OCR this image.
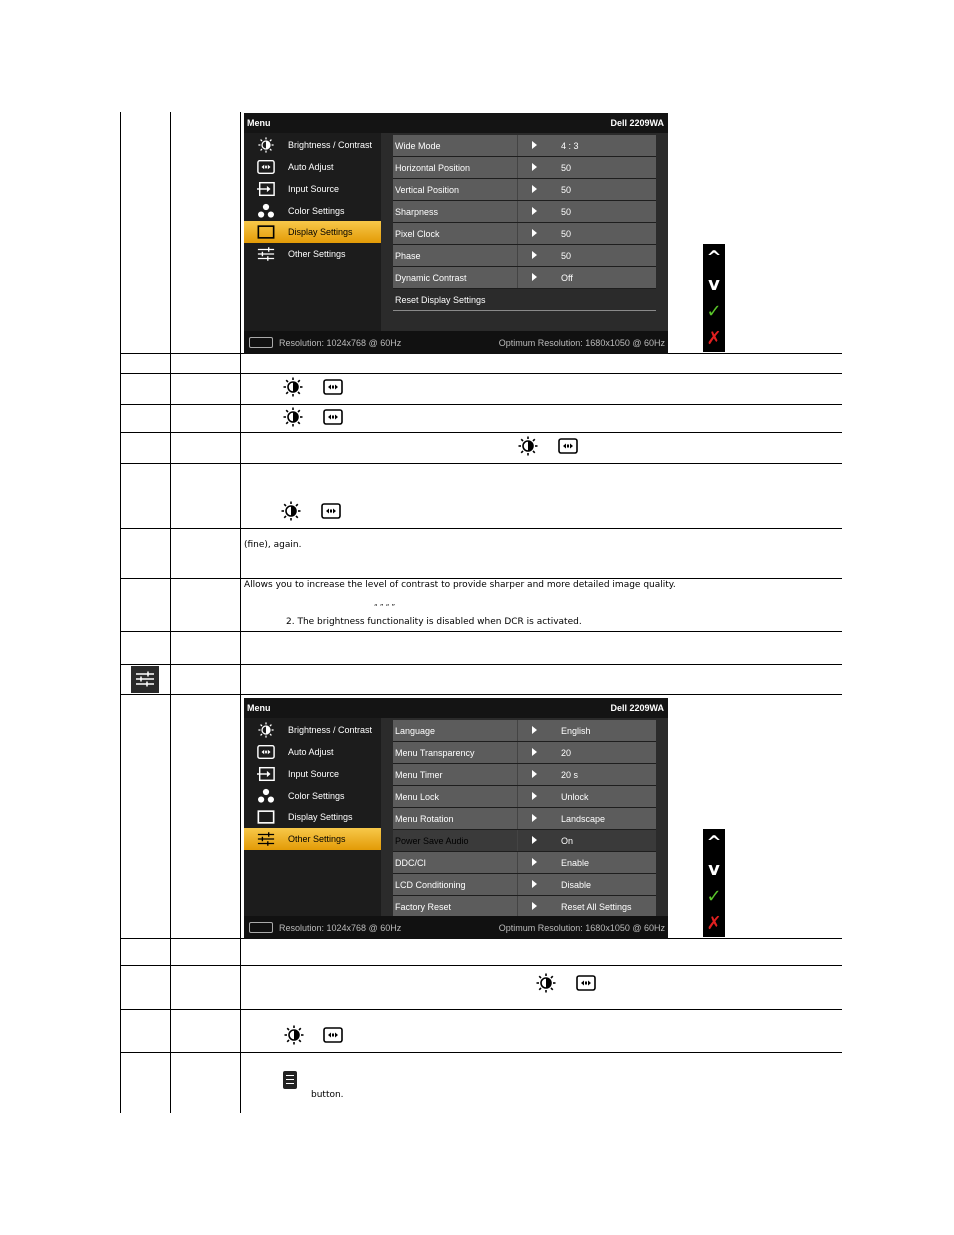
Menu	Dell 2209WA
Brightness / Contrast
Auto Adjust
Input Source
Color Settings
Display Settings
Other Settings
Wide Mode	4 : 3
Horizontal Position	50
Vertical Position	50
Sharpness	50
Pixel Clock	50
Phase	50
Dynamic Contrast	Off
Reset Display Settings
Resolution: 1024x768 @ 60Hz	Optimum Resolution: 1680x1050 @ 60Hz
^
v
✓
✗
(fine), again.
Allows you to increase the level of contrast to provide sharper and more detailed image quality.
“ ” “ ”
2. The brightness functionality is disabled when DCR is activated.
Menu	Dell 2209WA
Brightness / Contrast
Auto Adjust
Input Source
Color Settings
Display Settings
Other Settings
Language	English
Menu Transparency	20
Menu Timer	20 s
Menu Lock	Unlock
Menu Rotation	Landscape
Power Save Audio	On
DDC/CI	Enable
LCD Conditioning	Disable
Factory Reset	Reset All Settings
Resolution: 1024x768 @ 60Hz	Optimum Resolution: 1680x1050 @ 60Hz
^
v
✓
✗
button.
